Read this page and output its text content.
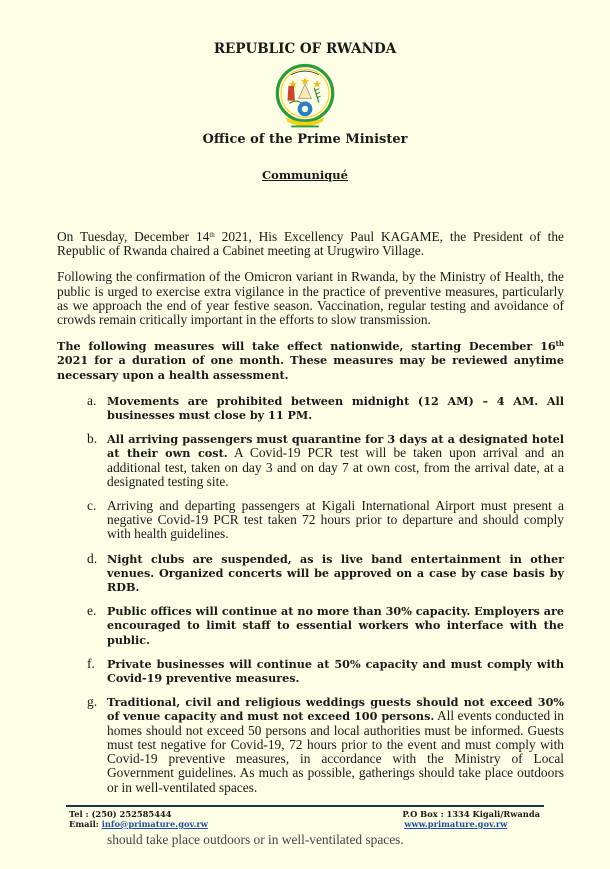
REPUBLIC OF RWANDA
Office of the Prime Minister
Communiqué
On Tuesday, December 14th 2021, His Excellency Paul KAGAME, the President of the Republic of Rwanda chaired a Cabinet meeting at Urugwiro Village.
Following the confirmation of the Omicron variant in Rwanda, by the Ministry of Health, the public is urged to exercise extra vigilance in the practice of preventive measures, particularly as we approach the end of year festive season. Vaccination, regular testing and avoidance of crowds remain critically important in the efforts to slow transmission.
The following measures will take effect nationwide, starting December 16th 2021 for a duration of one month. These measures may be reviewed anytime necessary upon a health assessment.
a. Movements are prohibited between midnight (12 AM) – 4 AM. All businesses must close by 11 PM.
b. All arriving passengers must quarantine for 3 days at a designated hotel at their own cost. A Covid-19 PCR test will be taken upon arrival and an additional test, taken on day 3 and on day 7 at own cost, from the arrival date, at a designated testing site.
c. Arriving and departing passengers at Kigali International Airport must present a negative Covid-19 PCR test taken 72 hours prior to departure and should comply with health guidelines.
d. Night clubs are suspended, as is live band entertainment in other venues. Organized concerts will be approved on a case by case basis by RDB.
e. Public offices will continue at no more than 30% capacity. Employers are encouraged to limit staff to essential workers who interface with the public.
f. Private businesses will continue at 50% capacity and must comply with Covid-19 preventive measures.
g. Traditional, civil and religious weddings guests should not exceed 30% of venue capacity and must not exceed 100 persons. All events conducted in homes should not exceed 50 persons and local authorities must be informed. Guests must test negative for Covid-19, 72 hours prior to the event and must comply with Covid-19 preventive measures, in accordance with the Ministry of Local Government guidelines. As much as possible, gatherings should take place outdoors or in well-ventilated spaces.
Tel : (250) 252585444
Email: info@primature.gov.rw
P.O Box : 1334 Kigali/Rwanda
www.primature.gov.rw
should take place outdoors or in well-ventilated spaces.
